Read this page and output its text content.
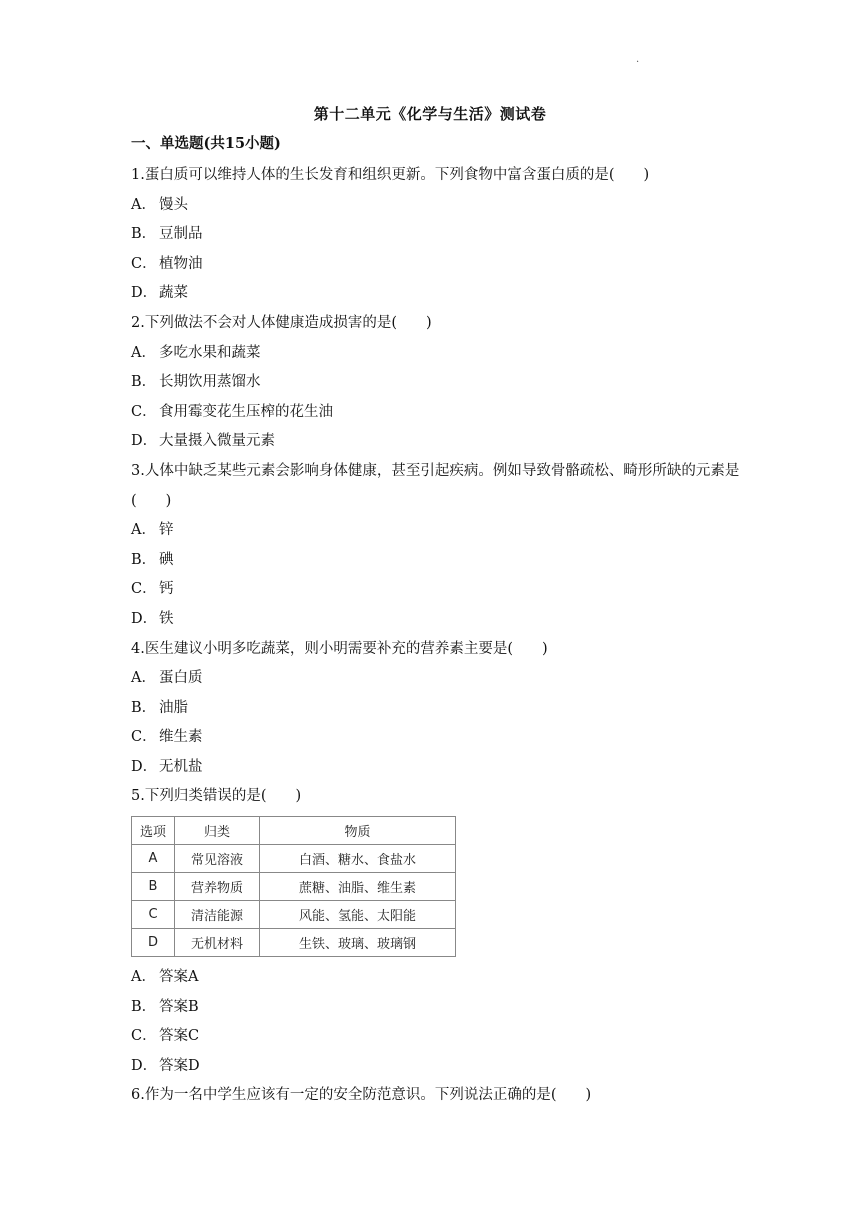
.
第十二单元《化学与生活》测试卷
一、单选题(共15小题)

1.蛋白质可以维持人体的生长发育和组织更新。下列食物中富含蛋白质的是(　　)

A． 馒头

B． 豆制品

C． 植物油

D． 蔬菜

2.下列做法不会对人体健康造成损害的是(　　)

A． 多吃水果和蔬菜

B． 长期饮用蒸馏水

C． 食用霉变花生压榨的花生油

D． 大量摄入微量元素

3.人体中缺乏某些元素会影响身体健康，甚至引起疾病。例如导致骨骼疏松、畸形所缺的元素是(　　)

A． 锌

B． 碘

C． 钙

D． 铁

4.医生建议小明多吃蔬菜，则小明需要补充的营养素主要是(　　)

A． 蛋白质

B． 油脂

C． 维生素

D． 无机盐

5.下列归类错误的是(　　)

选项	归类	物质
A	常见溶液	白酒、糖水、食盐水
B	营养物质	蔗糖、油脂、维生素
C	清洁能源	风能、氢能、太阳能
D	无机材料	生铁、玻璃、玻璃钢

A． 答案A

B． 答案B

C． 答案C

D． 答案D

6.作为一名中学生应该有一定的安全防范意识。下列说法正确的是(　　)
